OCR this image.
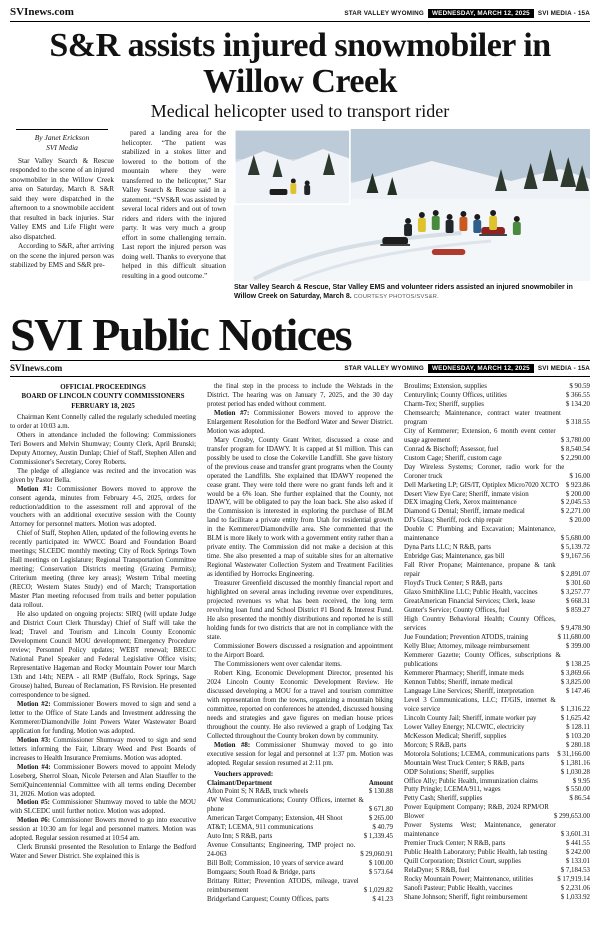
SVInews.com	STAR VALLEY WYOMING	WEDNESDAY, MARCH 12, 2025	SVI MEDIA - 15A
S&R assists injured snowmobiler in Willow Creek
Medical helicopter used to transport rider
By Janet Erickson
SVI Media

Star Valley Search & Rescue responded to the scene of an injured snowmobiler in the Willow Creek area on Saturday, March 8. S&R said they were dispatched in the afternoon to a snowmobile accident that resulted in back injuries. Star Valley EMS and Life Flight were also dispatched.

According to S&R, after arriving on the scene the injured person was stabilized by EMS and S&R pre-

pared a landing area for the helicopter. “The patient was stabilized in a stokes litter and lowered to the bottom of the mountain where they were transferred to the helicopter,” Star Valley Search & Rescue said in a statement. “SVS&R was assisted by several local riders and out of town riders and riders with the injured party. It was very much a group effort in some challenging terrain. Last report the injured person was doing well. Thanks to everyone that helped in this difficult situation resulting in a good outcome.”

Star Valley Search & Rescue, Star Valley EMS and volunteer riders assisted an injured snowmobiler in Willow Creek on Saturday, March 8. COURTESY PHOTOS/SVS&R.
SVI Public Notices
SVInews.com	STAR VALLEY WYOMING	WEDNESDAY, MARCH 12, 2025	SVI MEDIA - 15A
OFFICIAL PROCEEDINGS
BOARD OF LINCOLN COUNTY COMMISSIONERS
FEBRUARY 18, 2025

Chairman Kent Connelly called the regularly scheduled meeting to order at 10:03 a.m.

Others in attendance included the following: Commissioners Teri Bowers and Melvin Shumway; County Clerk, April Brunski; Deputy Attorney, Austin Dunlap; Chief of Staff, Stephen Allen and Commissioner's Secretary, Corey Roberts.

The pledge of allegiance was recited and the invocation was given by Pastor Bella.

Motion #1: Commissioner Bowers moved to approve the consent agenda, minutes from February 4-5, 2025, orders for reduction/addition to the assessment roll and approval of the vouchers with an additional executive session with the County Attorney for personnel matters. Motion was adopted.

Chief of Staff, Stephen Allen, updated of the following events he recently participated in: WWCC Board and Foundation Board meetings; SLCEDC monthly meeting; City of Rock Springs Town Hall meetings on Legislature; Regional Transportation Committee meeting; Conservation Districts meeting (Grazing Permits); Criterium meeting (three key areas); Western Tribal meeting (RECO; Western States Study) end of March; Transportation Master Plan meeting refocused from trails and better population data rollout.

He also updated on ongoing projects: SIRQ (will update Judge and District Court Clerk Thursday) Chief of Staff will take the lead; Travel and Tourism and Lincoln County Economic Development Council MOU development; Emergency Procedure review; Personnel Policy updates; WEBT renewal; BRECC National Panel Speaker and Federal Legislative Office visits; Representative Hageman and Rocky Mountain Power tour March 13th and 14th; NEPA - all RMP (Buffalo, Rock Springs, Sage Grouse) halted, Bureau of Reclamation, FS Revision. He presented correspondence to be signed.

Motion #2: Commissioner Bowers moved to sign and send a letter to the Office of State Lands and Investment addressing the Kemmerer/Diamondville Joint Powers Water Wastewater Board application for funding. Motion was adopted.

Motion #3: Commissioner Shumway moved to sign and send letters informing the Fair, Library Weed and Pest Boards of increases to Health Insurance Premiums. Motion was adopted.

Motion #4: Commissioner Bowers moved to appoint Melody Loseberg, Sherrol Sloan, Nicole Petersen and Alan Stauffer to the SemiQuincentennial Committee with all terms ending December 31, 2026. Motion was adopted.

Motion #5: Commissioner Shumway moved to table the MOU with SLCEDC until further notice. Motion was adopted.

Motion #6: Commissioner Bowers moved to go into executive session at 10:30 am for legal and personnel matters. Motion was adopted. Regular session resumed at 10:54 am.

Clerk Brunski presented the Resolution to Enlarge the Bedford Water and Sewer District. She explained this is

the final step in the process to include the Welstads in the District. The hearing was on January 7, 2025, and the 30 day protest period has ended without comment.

Motion #7: Commissioner Bowers moved to approve the Enlargement Resolution for the Bedford Water and Sewer District. Motion was adopted.

Mary Crosby, County Grant Writer, discussed a cease and transfer program for IDAWY. It is capped at $1 million. This can possibly be used to close the Cokeville Landfill. She gave history of the previous cease and transfer grant programs when the County operated the Landfills. She explained that IDAWY reopened the cease grant. They were told there were no grant funds left and it would be a 6% loan. She further explained that the County, not IDAWY, will be obligated to pay the loan back. She also asked if the Commission is interested in exploring the purchase of BLM land to facilitate a private entity from Utah for residential growth in the Kemmerer/Diamondville area. She commented that the BLM is more likely to work with a government entity rather than a private entity. The Commission did not make a decision at this time. She also presented a map of suitable sites for an alternative Regional Wastewater Collection System and Treatment Facilities as identified by Horrocks Engineering.

Treasurer Greenfield discussed the monthly financial report and highlighted on several areas including revenue over expenditures, projected revenues vs what has been received, the long term revolving loan fund and School District #1 Bond & Interest Fund. He also presented the monthly distributions and reported he is still holding funds for two districts that are not in compliance with the state.

Commissioner Bowers discussed a resignation and appointment to the Airport Board.

The Commissioners went over calendar items.

Robert King, Economic Development Director, presented his 2024 Lincoln County Economic Development Review. He discussed developing a MOU for a travel and tourism committee with representation from the towns, organizing a mountain biking committee, reported on conferences he attended, discussed housing needs and strategies and gave figures on median house prices throughout the county. He also reviewed a graph of Lodging Tax Collected throughout the County broken down by community.

Motion #8: Commissioner Shumway moved to go into executive session for legal and personnel at 1:37 pm. Motion was adopted. Regular session resumed at 2:11 pm.

Vouchers approved:
Claimant/Department	Amount
Afton Point S; N R&B, truck wheels	$ 130.88
4W West Communications; County Offices, internet & phone	$ 671.80
American Target Company; Extension, 4H Shoot	$ 265.00
AT&T; LCEMA, 911 communications	$ 40.79
Auto Inn; S R&B, parts	$ 1,339.45
Avenue Consultants; Engineering, TMP project no. 24-063	$ 29,060.91
Bill Boll; Commission, 10 years of service award	$ 100.00
Bomgaars; South Road & Bridge, parts	$ 573.64
Brittany Ritter; Prevention ATODS, mileage, travel reimbursement	$ 1,029.82
Bridgerland Carquest; County Offices, parts	$ 41.23
Broulims; Extension, supplies	$ 90.59
Centurylink; County Offices, utilities	$ 366.55
Charm-Tex; Sheriff, supplies	$ 134.20
Chemsearch; Maintenance, contract water treatment program	$ 318.55
City of Kemmerer; Extension, 6 month event center usage agreement	$ 3,780.00
Conrad & Bischoff; Assessor, fuel	$ 8,540.54
Custom Cage; Sheriff, custom cage	$ 2,290.00
Day Wireless Systems; Coroner, radio work for the Coroner truck	$ 16.00
Dell Marketing LP; GIS/IT, Optiplex Micro7020 XCTO $ 923.86
Desert View Eye Care; Sheriff, inmate vision	$ 200.00
DEX imaging Clerk, Xerox maintenance	$ 2,045.53
Diamond G Dental; Sheriff, inmate medical	$ 2,271.00
DJ's Glass; Sheriff, rock chip repair	$ 20.00
Double C Plumbing and Excavation; Maintenance, maintenance	$ 5,680.00
Dyna Parts LLC; N R&B, parts	$ 5,139.72
Enbridge Gas; Maintenance, gas bill	$ 9,167.56
Fall River Propane; Maintenance, propane & tank repair	$ 2,891.07
Floyd's Truck Center; S R&B, parts	$ 301.60
Glaxo SmithKline LLC; Public Health, vaccines	$ 3,257.77
GreatAmerican Financial Services; Clerk, lease	$ 668.31
Gunter's Service; County Offices, fuel	$ 859.27
High Country Behavioral Health; County Offices, services	$ 9,478.90
Jue Foundation; Prevention ATODS, training	$ 11,680.00
Kelly Blue; Attorney, mileage reimbursement	$ 399.00
Kemmerer Gazette; County Offices, subscriptions & publications	$ 138.25
Kemmerer Pharmacy; Sheriff, inmate meds	$ 3,869.66
Kennon Tubbs; Sheriff, inmate medical	$ 3,825.00
Language Line Services; Sheriff, interpretation	$ 147.46
Level 3 Communications, LLC; IT/GIS, internet & voice service	$ 1,316.22
Lincoln County Jail; Sheriff, inmate worker pay	$ 1,625.42
Lower Valley Energy; NLCWIC, electricity	$ 128.11
McKesson Medical; Sheriff, supplies	$ 103.20
Morcon; S R&B, parts	$ 280.18
Motorola Solutions; LCEMA, communications parts	$ 31,166.00
Mountain West Truck Center; S R&B, parts	$ 1,381.16
ODP Solutions; Sheriff, supplies	$ 1,030.28
Office Ally; Public Health, immunization claims	$ 9.95
Putty Pringle; LCEMA/911, wages	$ 550.00
Petty Cash; Sheriff, supplies	$ 86.54
Power Equipment Company; R&B, 2024 RPM/OR Blower	$ 299,653.00
Power Systems West; Maintenance, generator maintenance	$ 3,601.31
Premier Truck Center; N R&B, parts	$ 441.55
Public Health Laboratory; Public Health, lab testing	$ 242.00
Quill Corporation; District Court, supplies	$ 133.01
RelaDyne; S R&B, fuel	$ 7,184.53
Rocky Mountain Power; Maintenance, utilities	$ 17,919.14
Sanofi Pasteur; Public Health, vaccines	$ 2,231.06
Shane Johnson; Sheriff, fight reimbursement	$ 1,033.92
